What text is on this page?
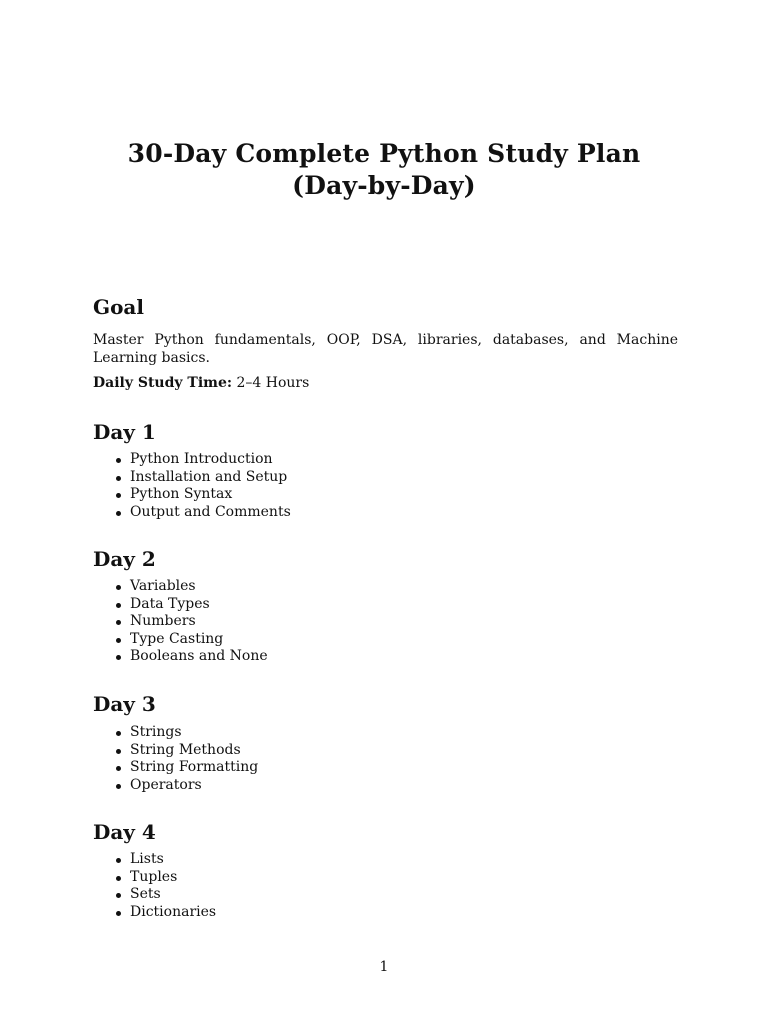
30-Day Complete Python Study Plan
(Day-by-Day)
Goal

Master Python fundamentals, OOP, DSA, libraries, databases, and Machine Learning basics.

Daily Study Time: 2–4 Hours

Day 1
Python Introduction
Installation and Setup
Python Syntax
Output and Comments
Day 2
Variables
Data Types
Numbers
Type Casting
Booleans and None
Day 3
Strings
String Methods
String Formatting
Operators
Day 4
Lists
Tuples
Sets
Dictionaries
1
